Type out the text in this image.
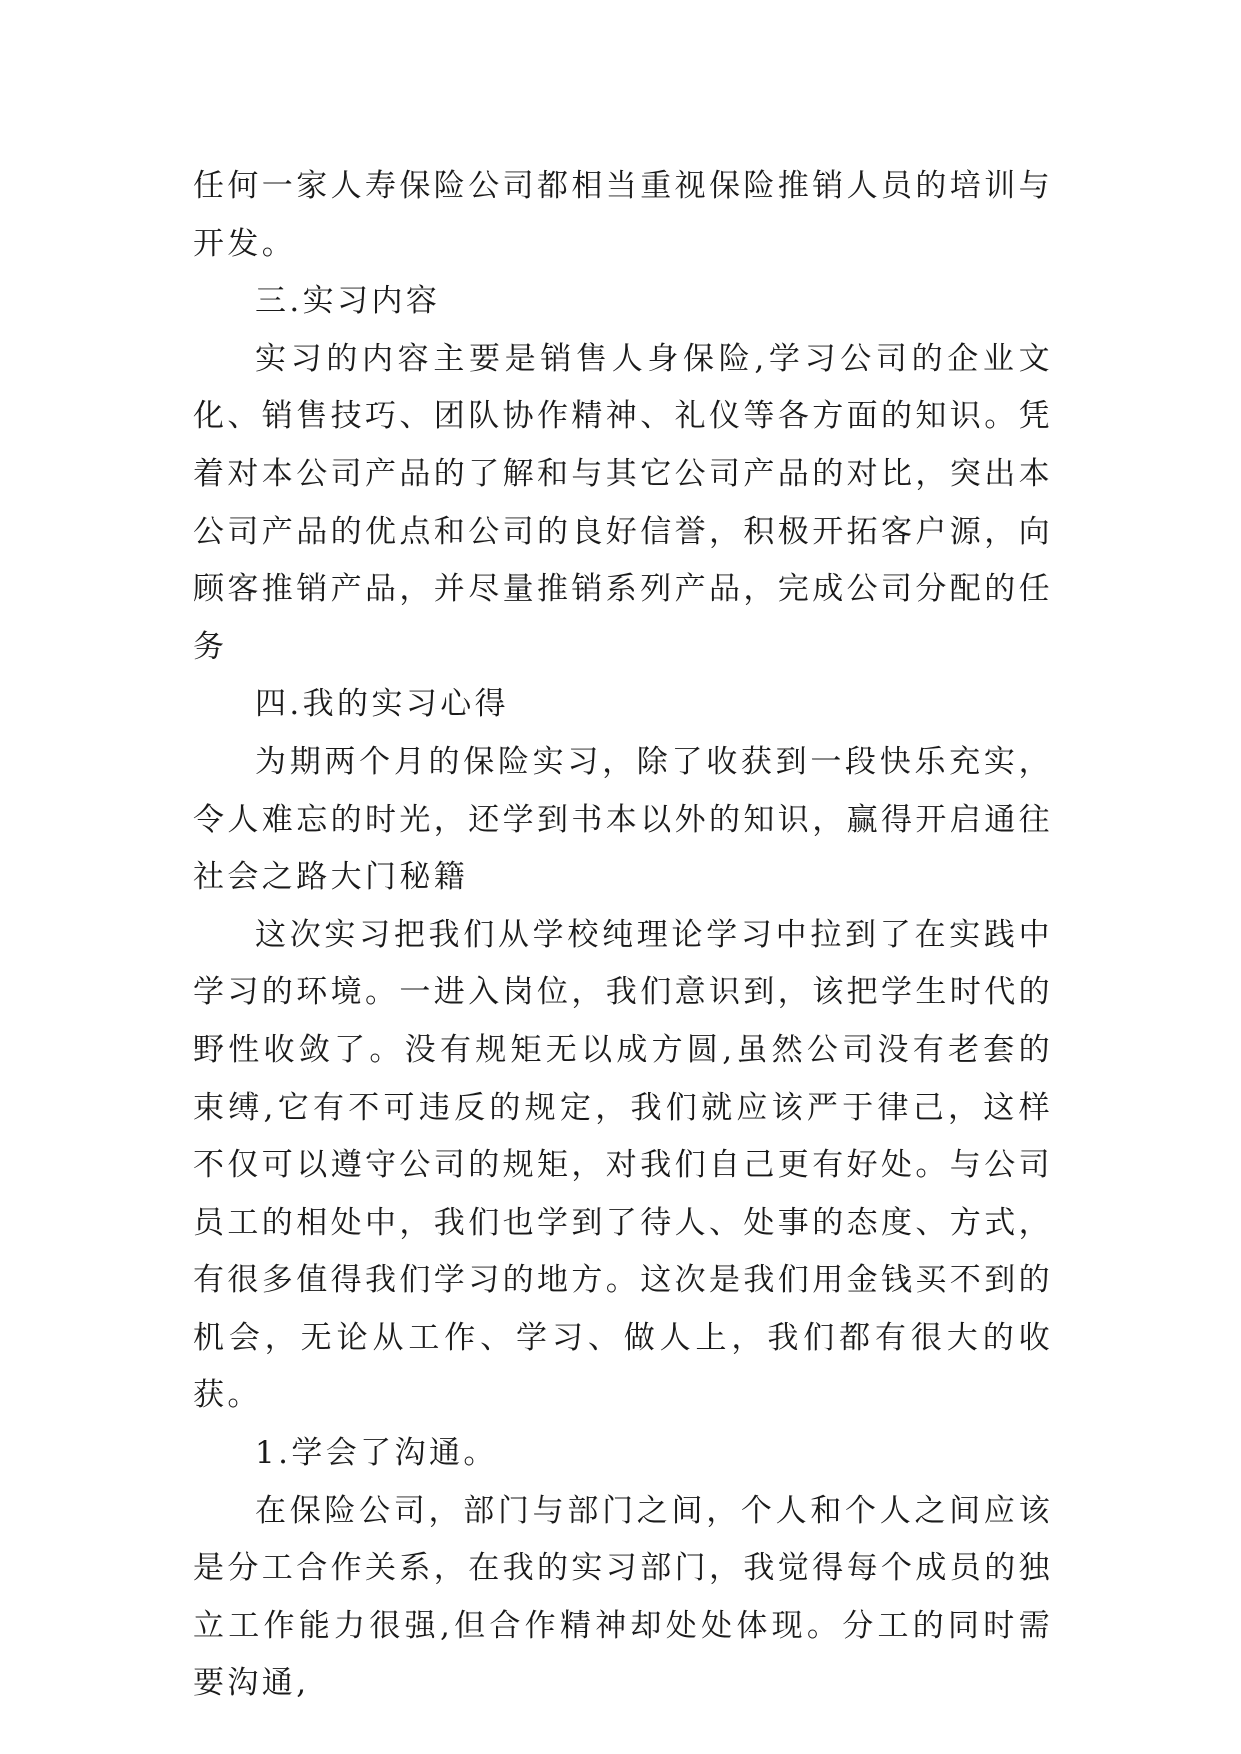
任何一家人寿保险公司都相当重视保险推销人员的培训与开发。

三.实习内容

实习的内容主要是销售人身保险,学习公司的企业文化、销售技巧、团队协作精神、礼仪等各方面的知识。凭着对本公司产品的了解和与其它公司产品的对比，突出本公司产品的优点和公司的良好信誉，积极开拓客户源，向顾客推销产品，并尽量推销系列产品，完成公司分配的任务

四.我的实习心得

为期两个月的保险实习，除了收获到一段快乐充实，令人难忘的时光，还学到书本以外的知识，赢得开启通往社会之路大门秘籍

这次实习把我们从学校纯理论学习中拉到了在实践中学习的环境。一进入岗位，我们意识到，该把学生时代的野性收敛了。没有规矩无以成方圆,虽然公司没有老套的束缚,它有不可违反的规定，我们就应该严于律己，这样不仅可以遵守公司的规矩，对我们自己更有好处。与公司员工的相处中，我们也学到了待人、处事的态度、方式，有很多值得我们学习的地方。这次是我们用金钱买不到的机会，无论从工作、学习、做人上，我们都有很大的收获。

1.学会了沟通。

在保险公司，部门与部门之间，个人和个人之间应该是分工合作关系，在我的实习部门，我觉得每个成员的独立工作能力很强,但合作精神却处处体现。分工的同时需要沟通,
